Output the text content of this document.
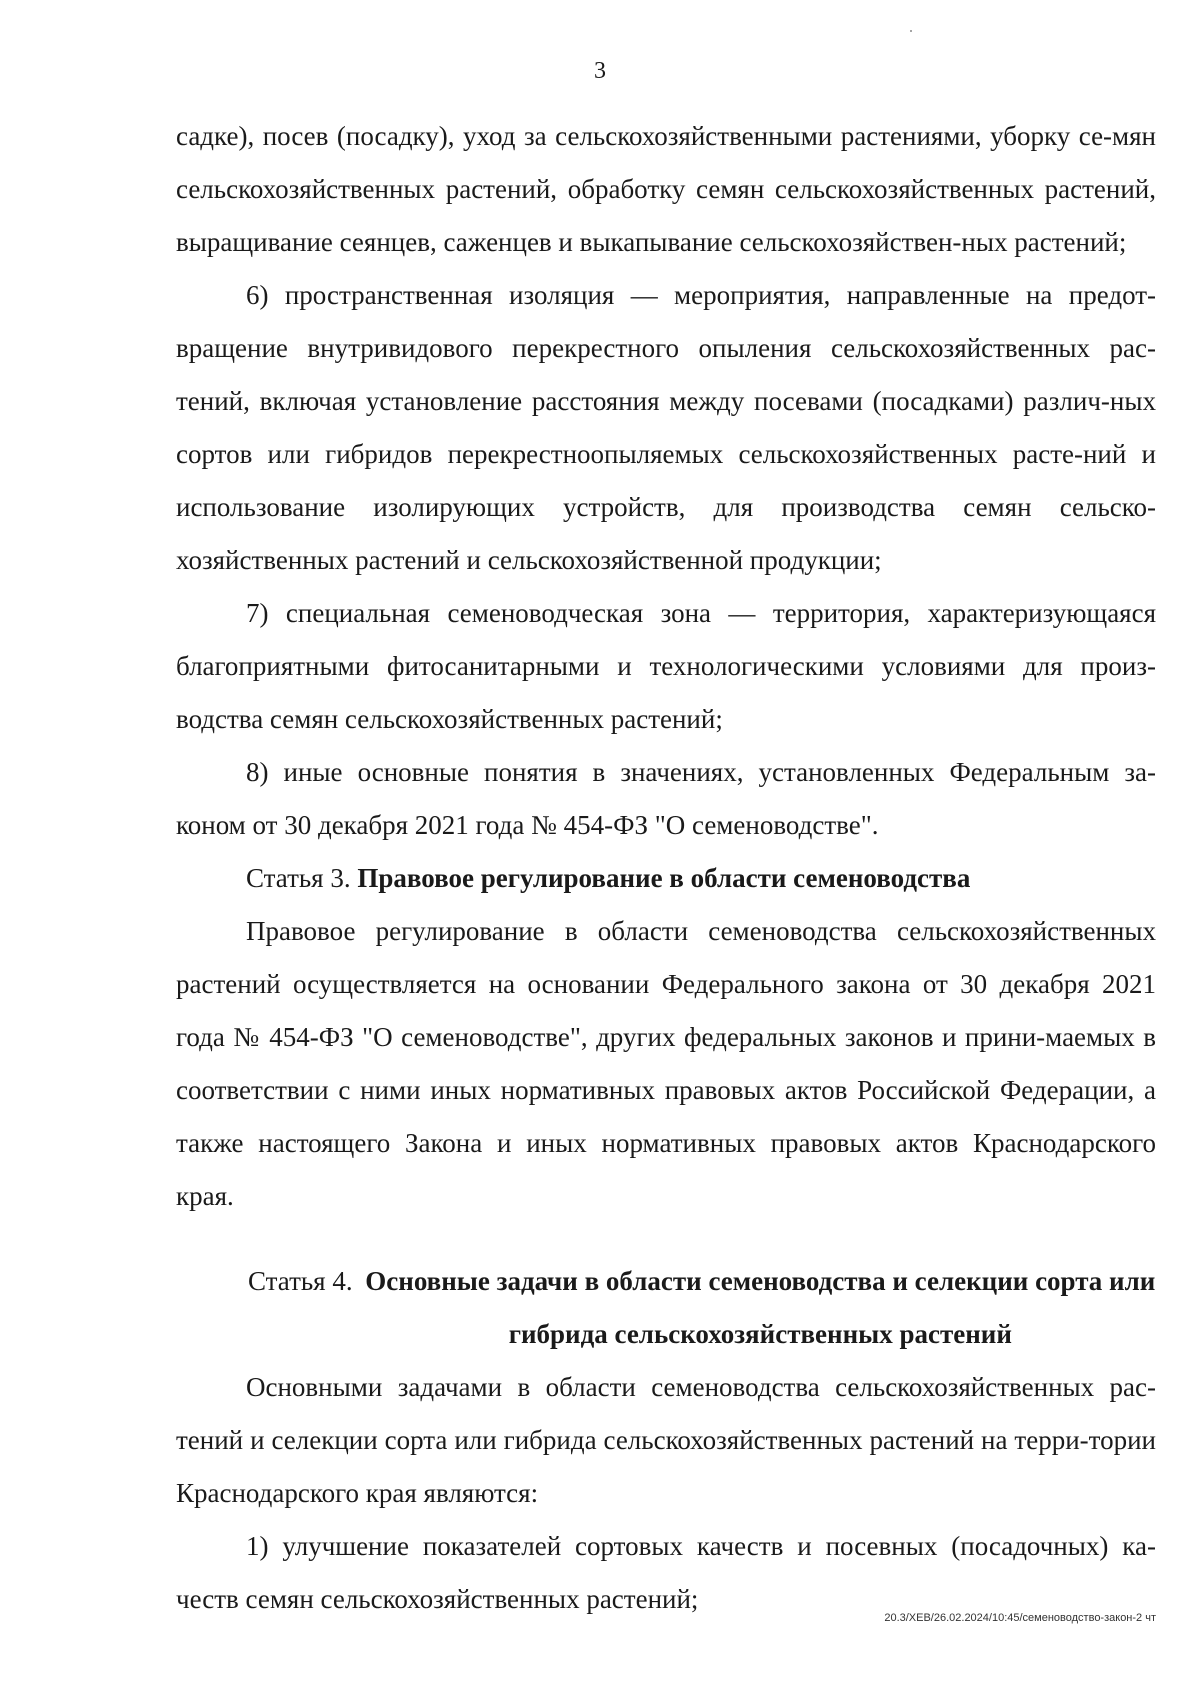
3

садке), посев (посадку), уход за сельскохозяйственными растениями, уборку се-мян сельскохозяйственных растений, обработку семян сельскохозяйственных растений, выращивание сеянцев, саженцев и выкапывание сельскохозяйствен-ных растений;

6) пространственная изоляция — мероприятия, направленные на предот-вращение внутривидового перекрестного опыления сельскохозяйственных рас-тений, включая установление расстояния между посевами (посадками) различ-ных сортов или гибридов перекрестноопыляемых сельскохозяйственных расте-ний и использование изолирующих устройств, для производства семян сельско-хозяйственных растений и сельскохозяйственной продукции;

7) специальная семеноводческая зона — территория, характеризующаяся благоприятными фитосанитарными и технологическими условиями для произ-водства семян сельскохозяйственных растений;

8) иные основные понятия в значениях, установленных Федеральным за-коном от 30 декабря 2021 года № 454-ФЗ "О семеноводстве".

Статья 3. Правовое регулирование в области семеноводства

Правовое регулирование в области семеноводства сельскохозяйственных растений осуществляется на основании Федерального закона от 30 декабря 2021 года № 454-ФЗ "О семеноводстве", других федеральных законов и прини-маемых в соответствии с ними иных нормативных правовых актов Российской Федерации, а также настоящего Закона и иных нормативных правовых актов Краснодарского края.

Статья 4. Основные задачи в области семеноводства и селекции сорта или гибрида сельскохозяйственных растений

Основными задачами в области семеноводства сельскохозяйственных рас-тений и селекции сорта или гибрида сельскохозяйственных растений на терри-тории Краснодарского края являются:

1) улучшение показателей сортовых качеств и посевных (посадочных) ка-честв семян сельскохозяйственных растений;

20.3/ХЕВ/26.02.2024/10:45/семеноводство-закон-2 чт
